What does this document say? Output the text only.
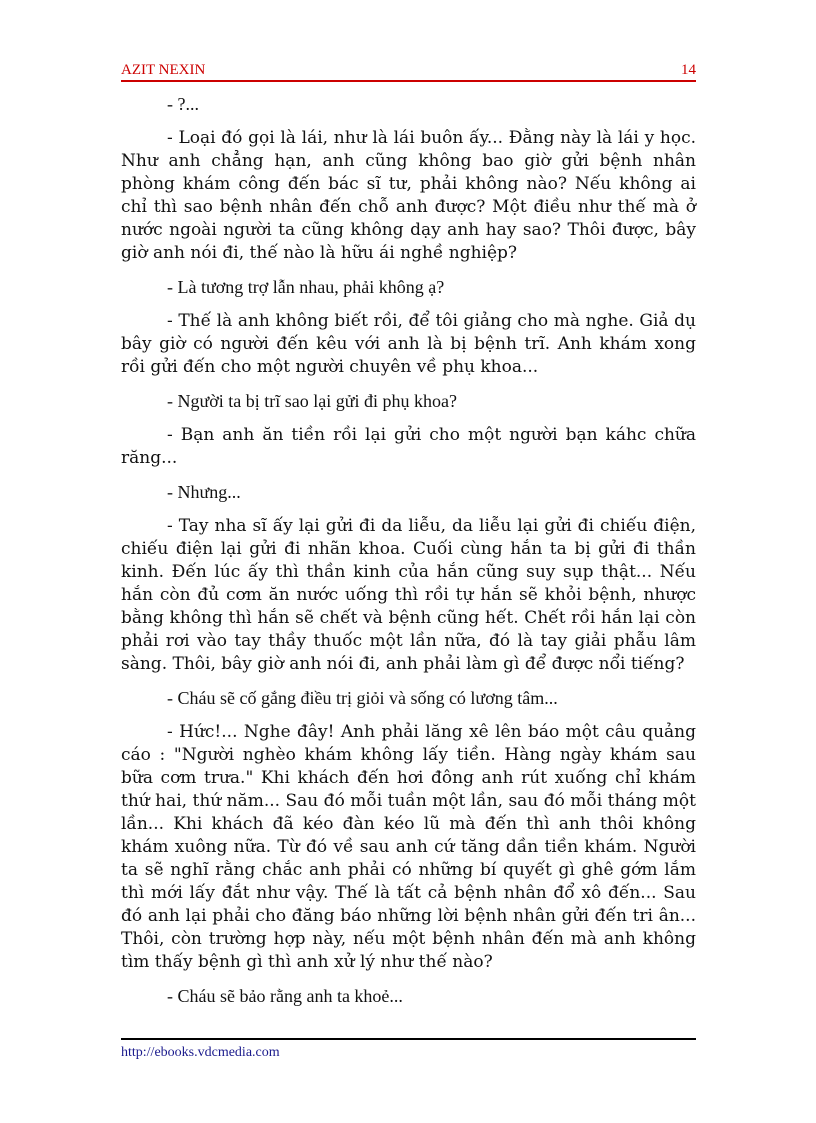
AZIT NEXIN	14

- ?...

- Loại đó gọi là lái, như là lái buôn ấy... Đằng này là lái y học. Như anh chẳng hạn, anh cũng không bao giờ gửi bệnh nhân phòng khám công đến bác sĩ tư, phải không nào? Nếu không ai chỉ thì sao bệnh nhân đến chỗ anh được? Một điều như thế mà ở nước ngoài người ta cũng không dạy anh hay sao? Thôi được, bây giờ anh nói đi, thế nào là hữu ái nghề nghiệp?

- Là tương trợ lẫn nhau, phải không ạ?

- Thế là anh không biết rồi, để tôi giảng cho mà nghe. Giả dụ bây giờ có người đến kêu với anh là bị bệnh trĩ. Anh khám xong rồi gửi đến cho một người chuyên về phụ khoa...

- Người ta bị trĩ sao lại gửi đi phụ khoa?

- Bạn anh ăn tiền rồi lại gửi cho một người bạn káhc chữa răng...

- Nhưng...

- Tay nha sĩ ấy lại gửi đi da liễu, da liễu lại gửi đi chiếu điện, chiếu điện lại gửi đi nhãn khoa. Cuối cùng hắn ta bị gửi đi thần kinh. Đến lúc ấy thì thần kinh của hắn cũng suy sụp thật... Nếu hắn còn đủ cơm ăn nước uống thì rồi tự hắn sẽ khỏi bệnh, nhược bằng không thì hắn sẽ chết và bệnh cũng hết. Chết rồi hắn lại còn phải rơi vào tay thầy thuốc một lần nữa, đó là tay giải phẫu lâm sàng. Thôi, bây giờ anh nói đi, anh phải làm gì để được nổi tiếng?

- Cháu sẽ cố gắng điều trị giỏi và sống có lương tâm...

- Hức!... Nghe đây! Anh phải lăng xê lên báo một câu quảng cáo : "Người nghèo khám không lấy tiền. Hàng ngày khám sau bữa cơm trưa." Khi khách đến hơi đông anh rút xuống chỉ khám thứ hai, thứ năm... Sau đó mỗi tuần một lần, sau đó mỗi tháng một lần... Khi khách đã kéo đàn kéo lũ mà đến thì anh thôi không khám xuông nữa. Từ đó về sau anh cứ tăng dần tiền khám. Người ta sẽ nghĩ rằng chắc anh phải có những bí quyết gì ghê gớm lắm thì mới lấy đắt như vậy. Thế là tất cả bệnh nhân đổ xô đến... Sau đó anh lại phải cho đăng báo những lời bệnh nhân gửi đến tri ân... Thôi, còn trường hợp này, nếu một bệnh nhân đến mà anh không tìm thấy bệnh gì thì anh xử lý như thế nào?

- Cháu sẽ bảo rằng anh ta khoẻ...

http://ebooks.vdcmedia.com
